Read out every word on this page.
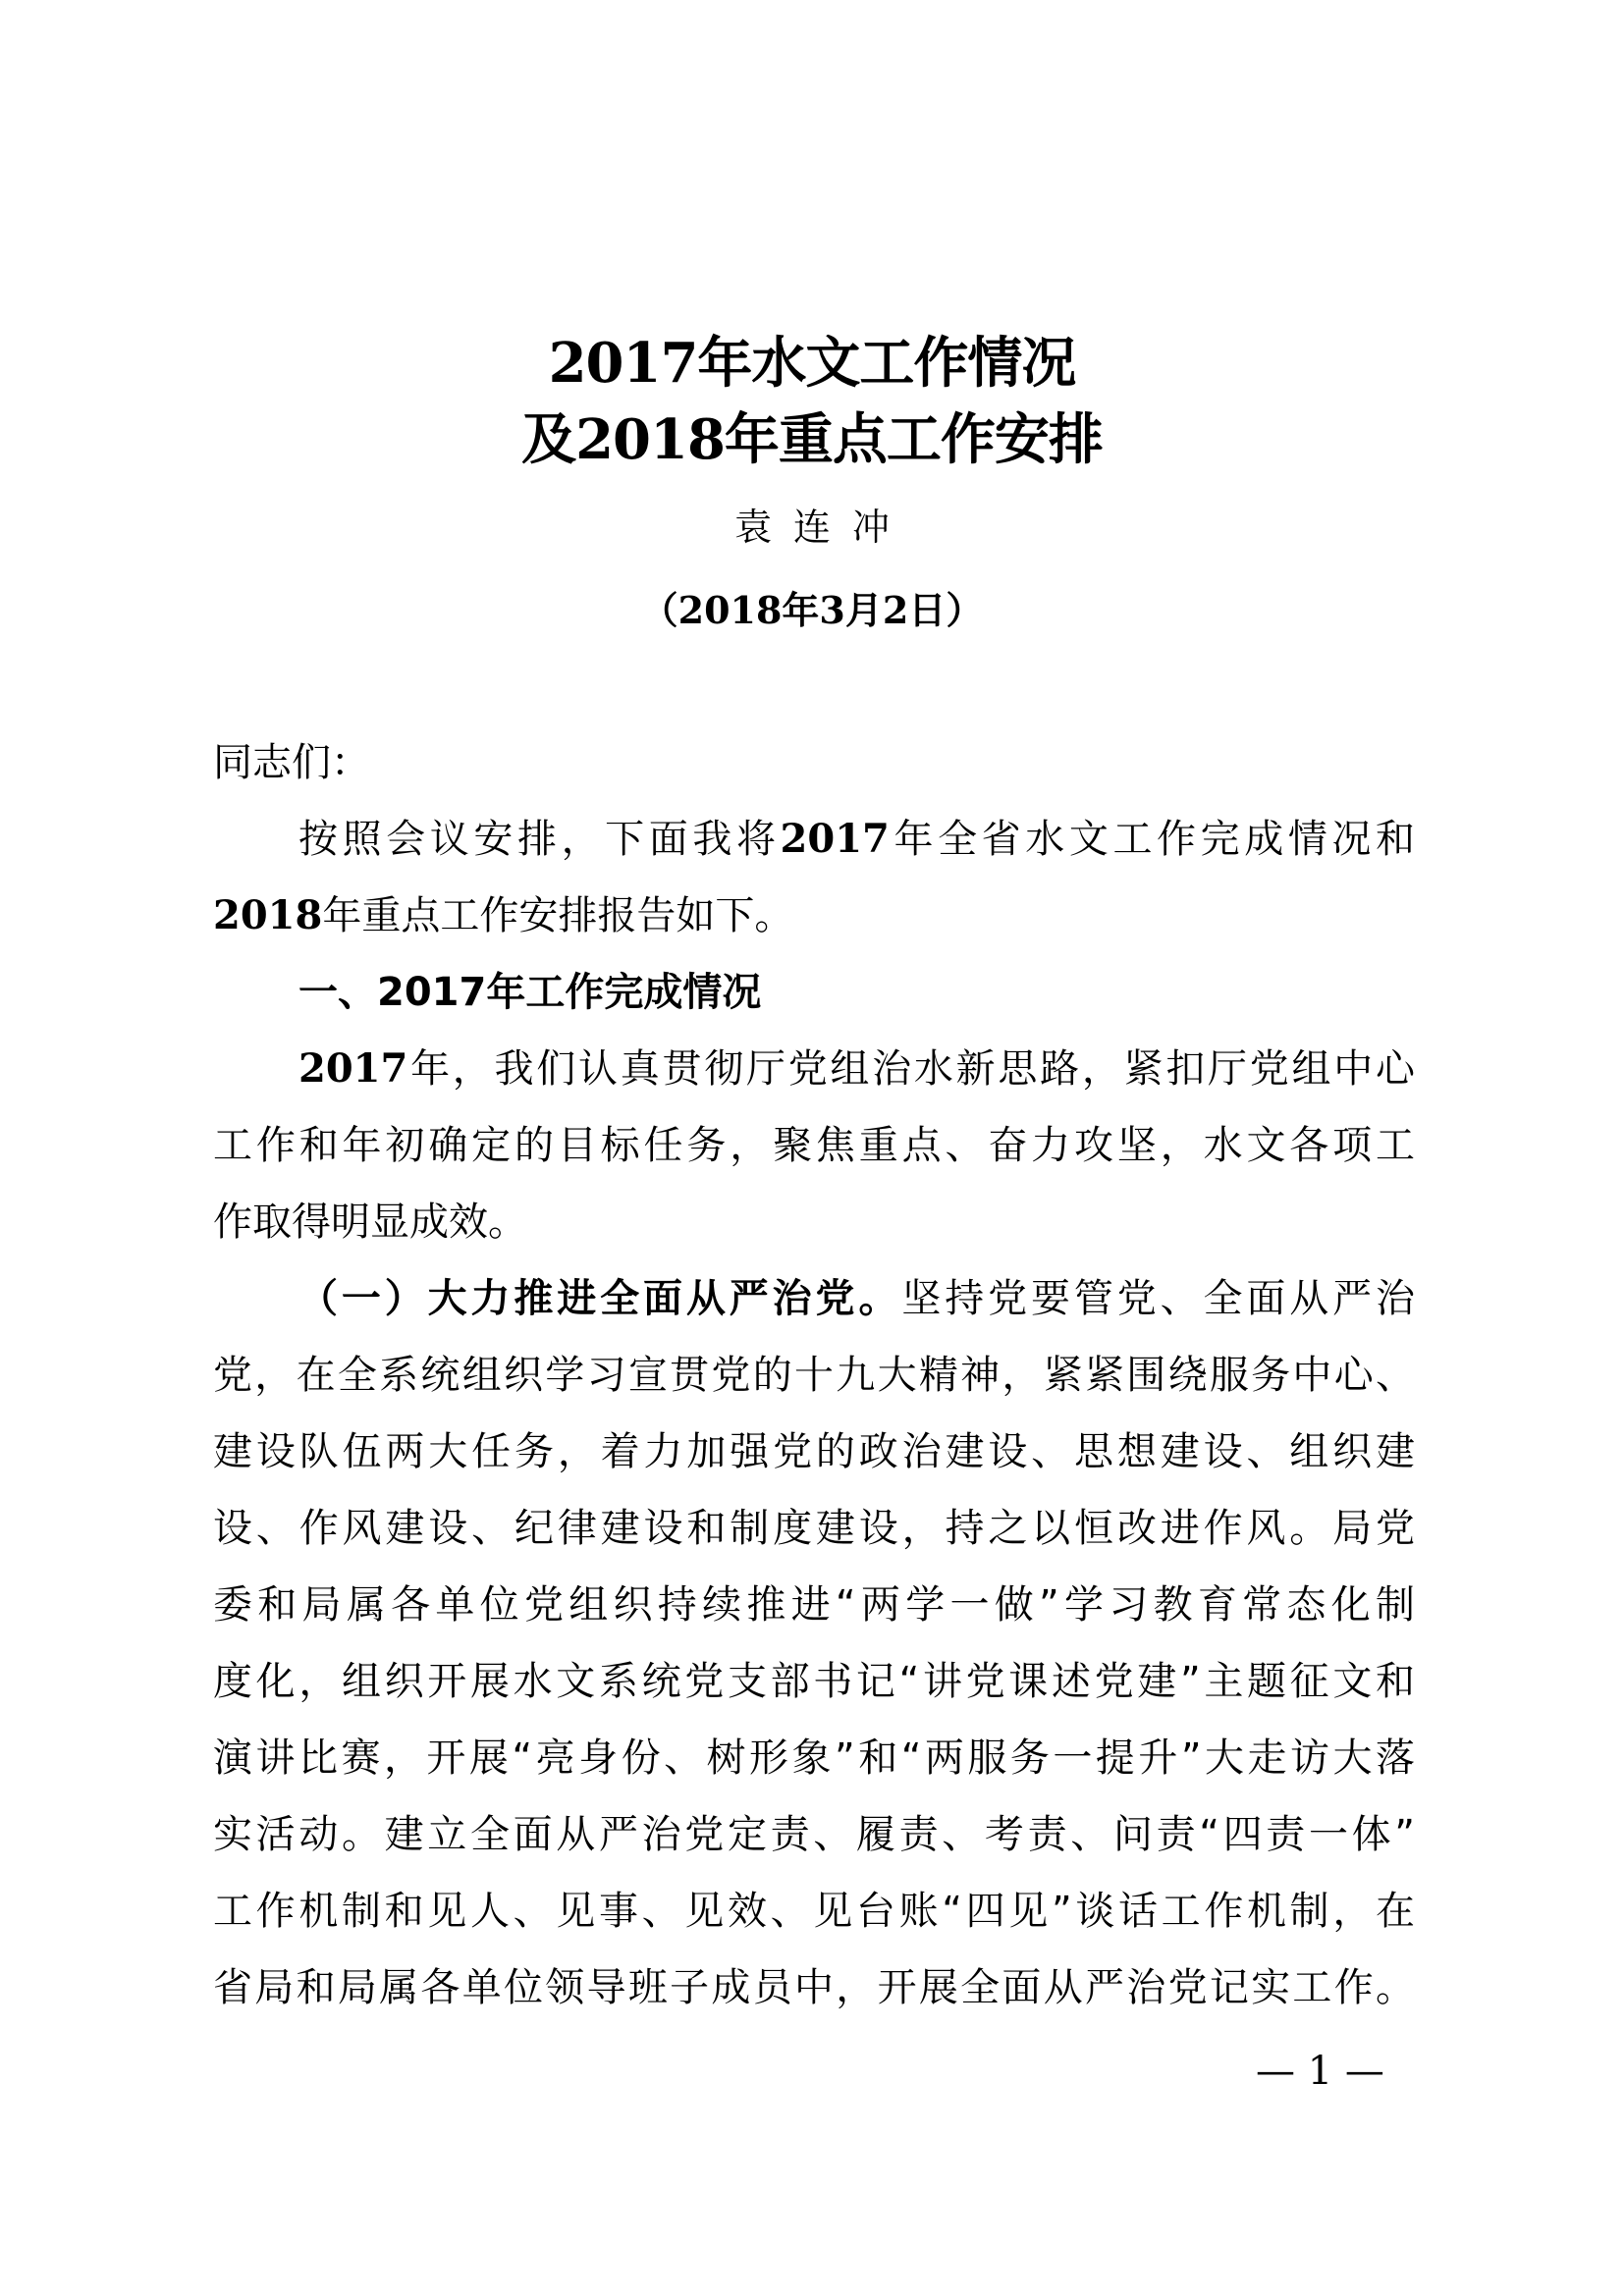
2017年水文工作情况
及2018年重点工作安排
袁连冲
（2018年3月2日）
同志们：
按照会议安排，下面我将2017年全省水文工作完成情况和
2018年重点工作安排报告如下。
一、2017年工作完成情况
2017年，我们认真贯彻厅党组治水新思路，紧扣厅党组中心
工作和年初确定的目标任务，聚焦重点、奋力攻坚，水文各项工
作取得明显成效。
（一）大力推进全面从严治党。坚持党要管党、全面从严治
党，在全系统组织学习宣贯党的十九大精神，紧紧围绕服务中心、
建设队伍两大任务，着力加强党的政治建设、思想建设、组织建
设、作风建设、纪律建设和制度建设，持之以恒改进作风。局党
委和局属各单位党组织持续推进“两学一做”学习教育常态化制
度化，组织开展水文系统党支部书记“讲党课述党建”主题征文和
演讲比赛，开展“亮身份、树形象”和“两服务一提升”大走访大落
实活动。建立全面从严治党定责、履责、考责、问责“四责一体”
工作机制和见人、见事、见效、见台账“四见”谈话工作机制，在
省局和局属各单位领导班子成员中，开展全面从严治党记实工作。
— 1 —
